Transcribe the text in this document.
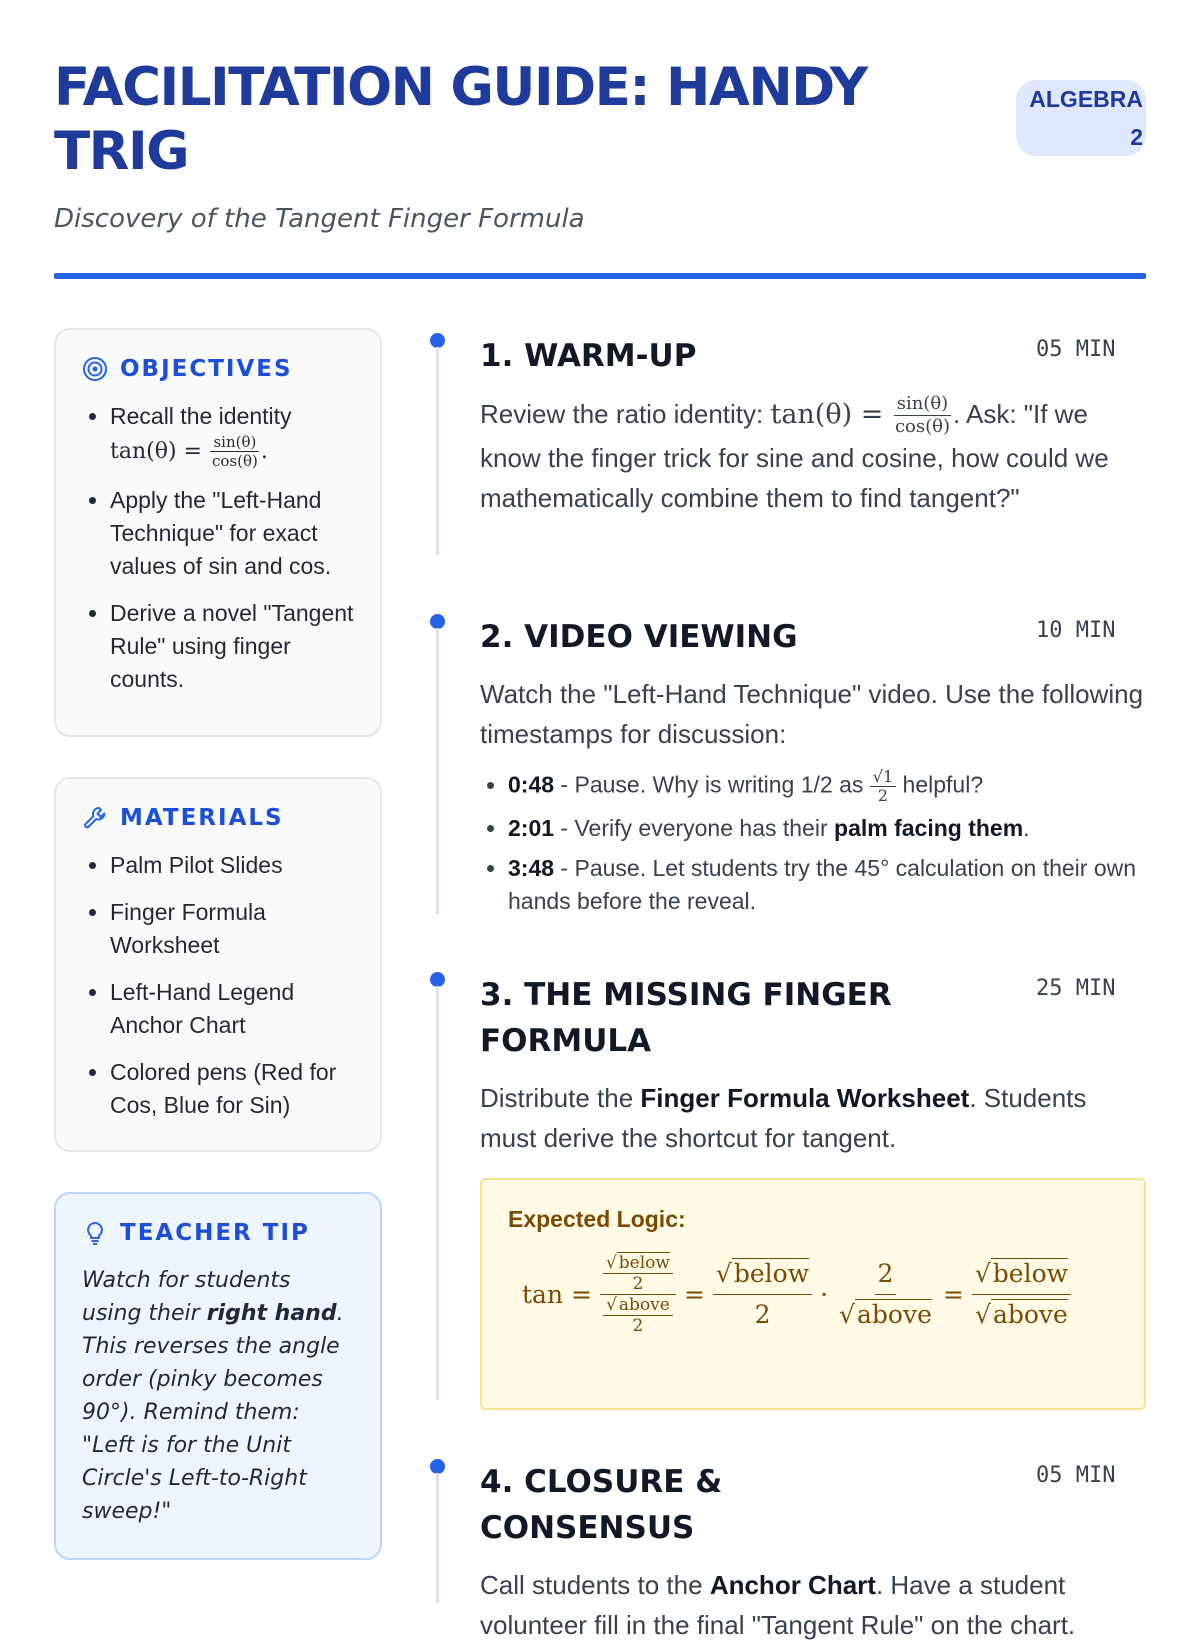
FACILITATION GUIDE: HANDY TRIG
ALGEBRA 2
Discovery of the Tangent Finger Formula
OBJECTIVES
• Recall the identity $\tan(\theta) = \frac{\sin(\theta)}{\cos(\theta)}$ .
• Apply the "Left-Hand Technique" for exact values of sin and cos.
• Derive a novel "Tangent Rule" using finger counts.
MATERIALS
• Palm Pilot Slides
• Finger Formula Worksheet
• Left-Hand Legend Anchor Chart
• Colored pens (Red for Cos, Blue for Sin)
TEACHER TIP

Watch for students using their right hand. This reverses the angle order (pinky becomes 90°). Remind them: "Left is for the Unit Circle's Left-to-Right sweep!"

1. WARM-UP	05 MIN

Review the ratio identity: $\tan(\theta) = \frac{\sin(\theta)}{\cos(\theta)}$ . Ask: "If we know the finger trick for sine and cosine, how could we mathematically combine them to find tangent?"

2. VIDEO VIEWING	10 MIN

Watch the "Left-Hand Technique" video. Use the following timestamps for discussion:

• 0:48 - Pause. Why is writing 1/2 as $\frac{√1}{2}$ helpful?
• 2:01 - Verify everyone has their palm facing them.
• 3:48 - Pause. Let students try the 45° calculation on their own hands before the reveal.
3. THE MISSING FINGER FORMULA
25 MIN

Distribute the Finger Formula Worksheet. Students must derive the shortcut for tangent.

Expected Logic:
$\tan = \frac{\frac{\text{√ below}}{2}}{\frac{\text{√ above}}{2}} = \frac{\text{√below}}{2} \cdot \frac{2}{\text{√above}} = \frac{\text{√below}}{\text{√above}}$
4. CLOSURE & CONSENSUS
05 MIN

Call students to the Anchor Chart. Have a student volunteer fill in the final "Tangent Rule" on the chart.
